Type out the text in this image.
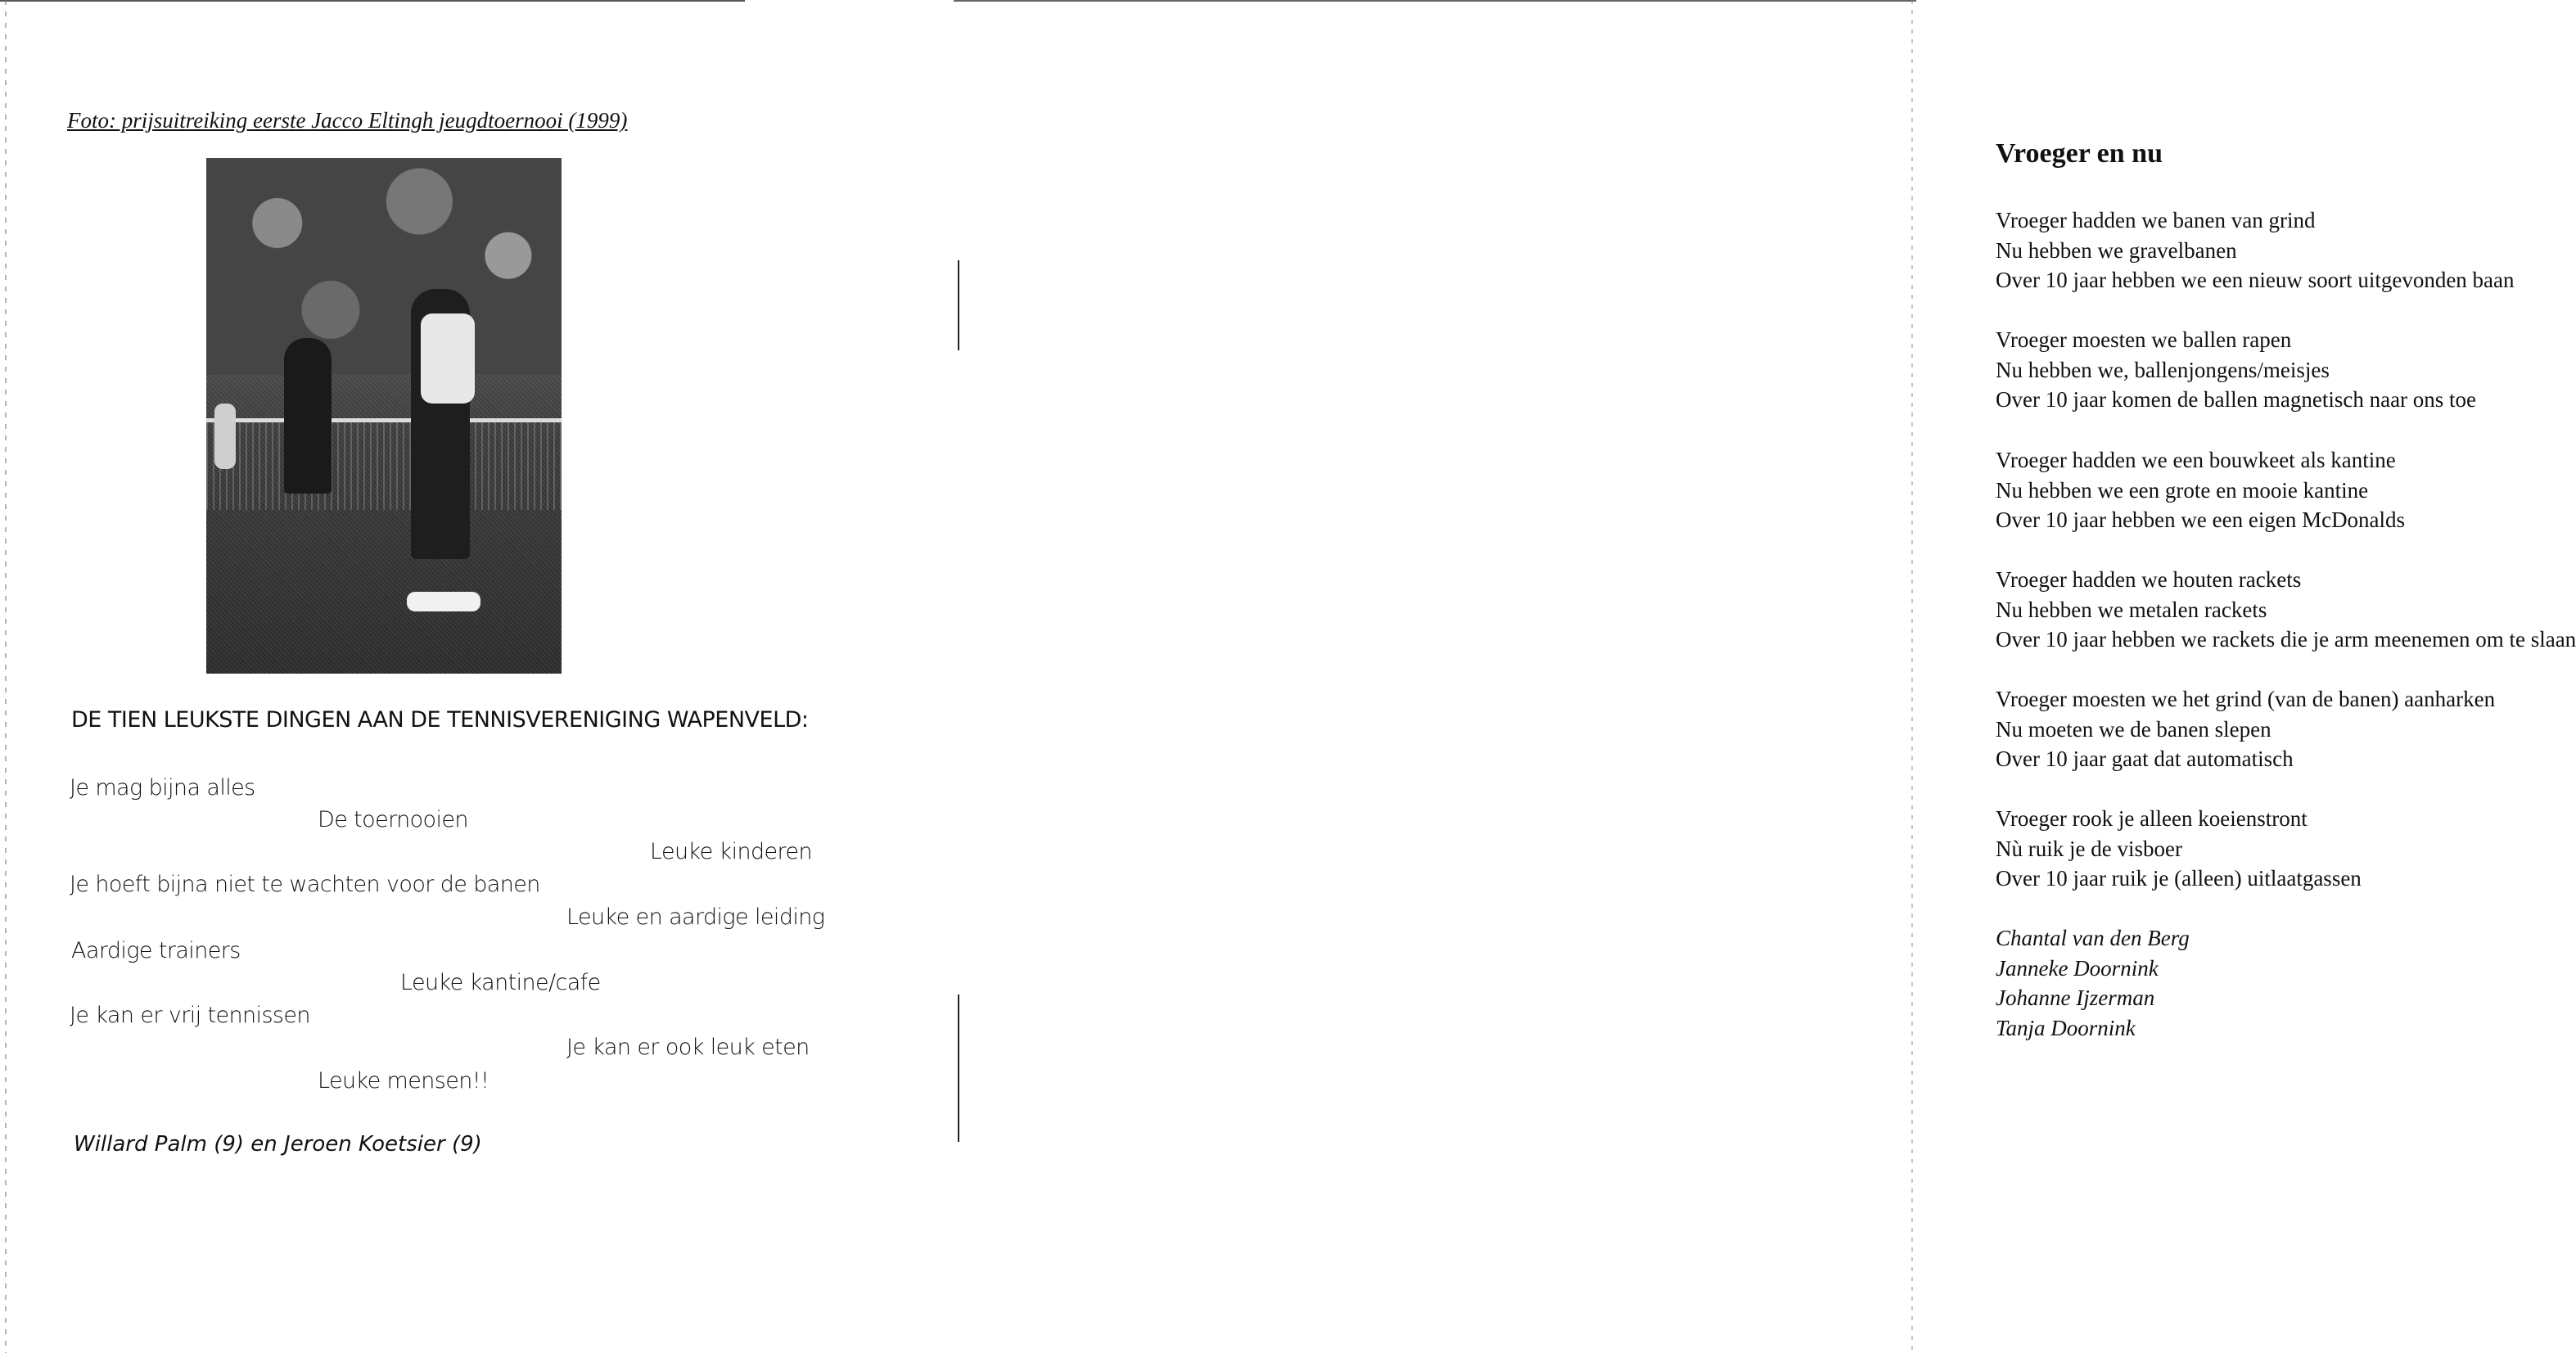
Foto: prijsuitreiking eerste Jacco Eltingh jeugdtoernooi (1999)
DE TIEN LEUKSTE DINGEN AAN DE TENNISVERENIGING WAPENVELD:
Je mag bijna alles
De toernooien
Leuke kinderen
Je hoeft bijna niet te wachten voor de banen
Leuke en aardige leiding
Aardige trainers
Leuke kantine/cafe
Je kan er vrij tennissen
Je kan er ook leuk eten
Leuke mensen!!
Willard Palm (9) en Jeroen Koetsier (9)
Vroeger en nu
Vroeger hadden we banen van grind
Nu hebben we gravelbanen
Over 10 jaar hebben we een nieuw soort uitgevonden baan
Vroeger moesten we ballen rapen
Nu hebben we, ballenjongens/meisjes
Over 10 jaar komen de ballen magnetisch naar ons toe
Vroeger hadden we een bouwkeet als kantine
Nu hebben we een grote en mooie kantine
Over 10 jaar hebben we een eigen McDonalds
Vroeger hadden we houten rackets
Nu hebben we metalen rackets
Over 10 jaar hebben we rackets die je arm meenemen om te slaan
Vroeger moesten we het grind (van de banen) aanharken
Nu moeten we de banen slepen
Over 10 jaar gaat dat automatisch
Vroeger rook je alleen koeienstront
Nù ruik je de visboer
Over 10 jaar ruik je (alleen) uitlaatgassen
Chantal van den Berg
Janneke Doornink
Johanne Ijzerman
Tanja Doornink
